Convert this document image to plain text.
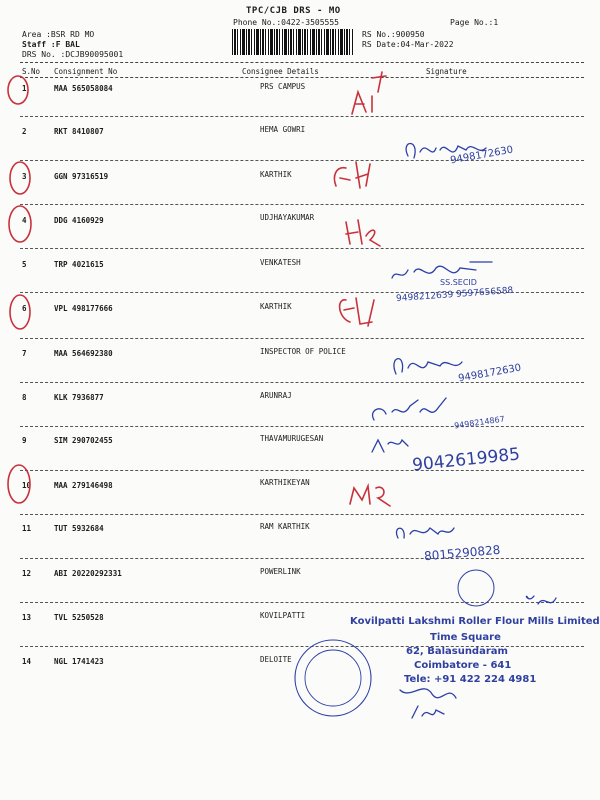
TPC/CJB DRS - MO
Phone No.:0422-3505555	Page No.:1
Area :BSR RD MO
Staff :F BAL
DRS No. :DCJB90095001
RS No.:900950
RS Date:04-Mar-2022
S.No Consignment No	Consignee Details	Signature
1	MAA 565058084	PRS CAMPUS
2	RKT 8410807	HEMA GOWRI
3	GGN 97316519	KARTHIK
4	DDG 4160929	UDJHAYAKUMAR
5	TRP 4021615	VENKATESH
6	VPL 498177666	KARTHIK
7	MAA 564692380	INSPECTOR OF POLICE
8	KLK 7936877	ARUNRAJ
9	SIM 290702455	THAVAMURUGESAN
10	MAA 279146498	KARTHIKEYAN
11	TUT 5932684	RAM KARTHIK
12	ABI 20220292331	POWERLINK
13	TVL 5250528	KOVILPATTI
14	NGL 1741423	DELOITE
9498172630
SS.SECID
9498212639 9597656588
9498172630
9498214867
9042619985
8015290828
Kovilpatti Lakshmi Roller Flour Mills Limited
Time Square
62, Balasundaram
Coimbatore - 641
Tele: +91 422 224 4981
